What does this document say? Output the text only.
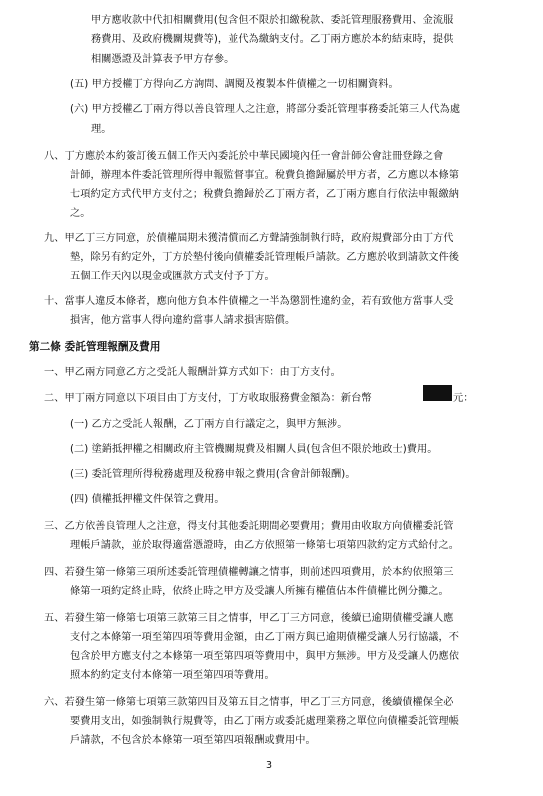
甲方應收款中代扣相關費用(包含但不限於扣繳稅款、委託管理服務費用、金流服
務費用、及政府機關規費等)，並代為繳納支付。乙丁兩方應於本約結束時，提供
相關憑證及計算表予甲方存參。
(五) 甲方授權丁方得向乙方詢問、調閱及複製本件債權之一切相關資料。
(六) 甲方授權乙丁兩方得以善良管理人之注意，將部分委託管理事務委託第三人代為處
理。
八、丁方應於本約簽訂後五個工作天內委託於中華民國境內任一會計師公會註冊登錄之會
計師，辦理本件委託管理所得申報監督事宜。稅費負擔歸屬於甲方者，乙方應以本條第
七項約定方式代甲方支付之；稅費負擔歸於乙丁兩方者，乙丁兩方應自行依法申報繳納
之。
九、甲乙丁三方同意，於債權屆期未獲清償而乙方聲請強制執行時，政府規費部分由丁方代
墊，除另有約定外，丁方於墊付後向債權委託管理帳戶請款。乙方應於收到請款文件後
五個工作天內以現金或匯款方式支付予丁方。
十、當事人違反本條者，應向他方負本件債權之一半為懲罰性違約金，若有致他方當事人受
損害，他方當事人得向違約當事人請求損害賠償。
第二條 委託管理報酬及費用
一、甲乙兩方同意乙方之受託人報酬計算方式如下：由丁方支付。
二、甲丁兩方同意以下項目由丁方支付，丁方收取服務費金額為：新台幣	元：
(一) 乙方之受託人報酬，乙丁兩方自行議定之，與甲方無涉。
(二) 塗銷抵押權之相關政府主管機關規費及相關人員(包含但不限於地政士)費用。
(三) 委託管理所得稅務處理及稅務申報之費用(含會計師報酬)。
(四) 債權抵押權文件保管之費用。
三、乙方依善良管理人之注意，得支付其他委託期間必要費用；費用由收取方向債權委託管
理帳戶請款，並於取得適當憑證時，由乙方依照第一條第七項第四款約定方式給付之。
四、若發生第一條第三項所述委託管理債權轉讓之情事，則前述四項費用，於本約依照第三
條第一項約定終止時，依終止時之甲方及受讓人所擁有權值佔本件債權比例分攤之。
五、若發生第一條第七項第三款第三目之情事，甲乙丁三方同意，後續已逾期債權受讓人應
支付之本條第一項至第四項等費用金額，由乙丁兩方與已逾期債權受讓人另行協議，不
包含於甲方應支付之本條第一項至第四項等費用中，與甲方無涉。甲方及受讓人仍應依
照本約約定支付本條第一項至第四項等費用。
六、若發生第一條第七項第三款第四目及第五目之情事，甲乙丁三方同意，後續債權保全必
要費用支出，如強制執行規費等，由乙丁兩方或委託處理業務之單位向債權委託管理帳
戶請款，不包含於本條第一項至第四項報酬或費用中。
3
